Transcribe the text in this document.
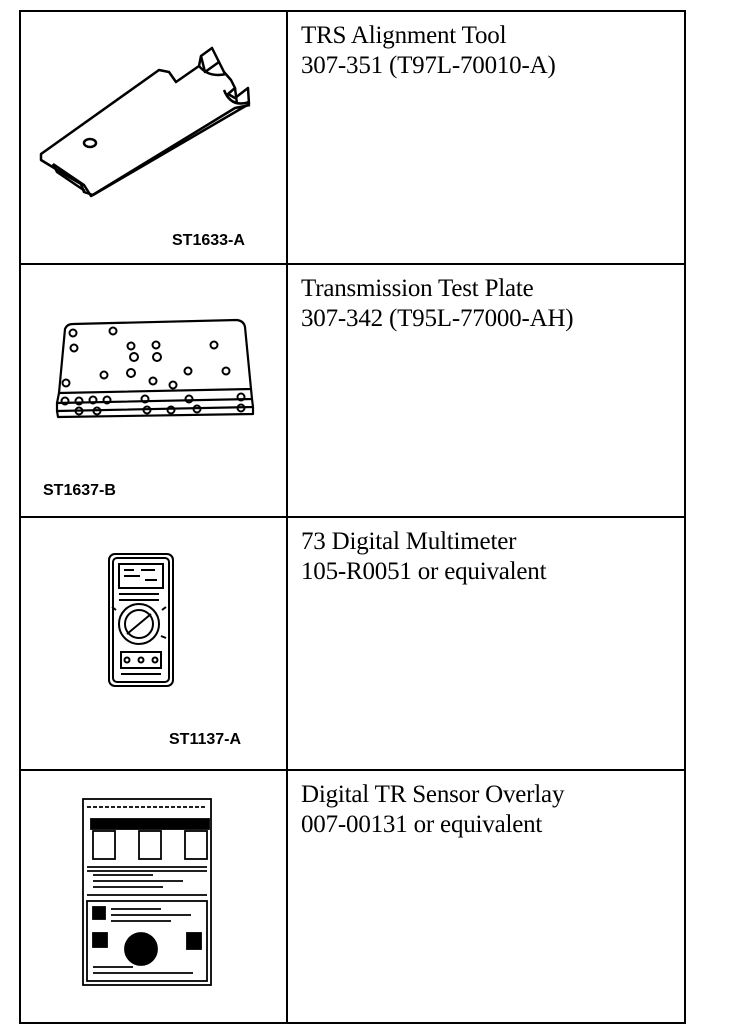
ST1633-A	TRS Alignment Tool
307-351 (T97L-70010-A)

ST1637-B	Transmission Test Plate
307-342 (T95L-77000-AH)

ST1137-A	73 Digital Multimeter
105-R0051 or equivalent

Digital TR Sensor Overlay
007-00131 or equivalent
